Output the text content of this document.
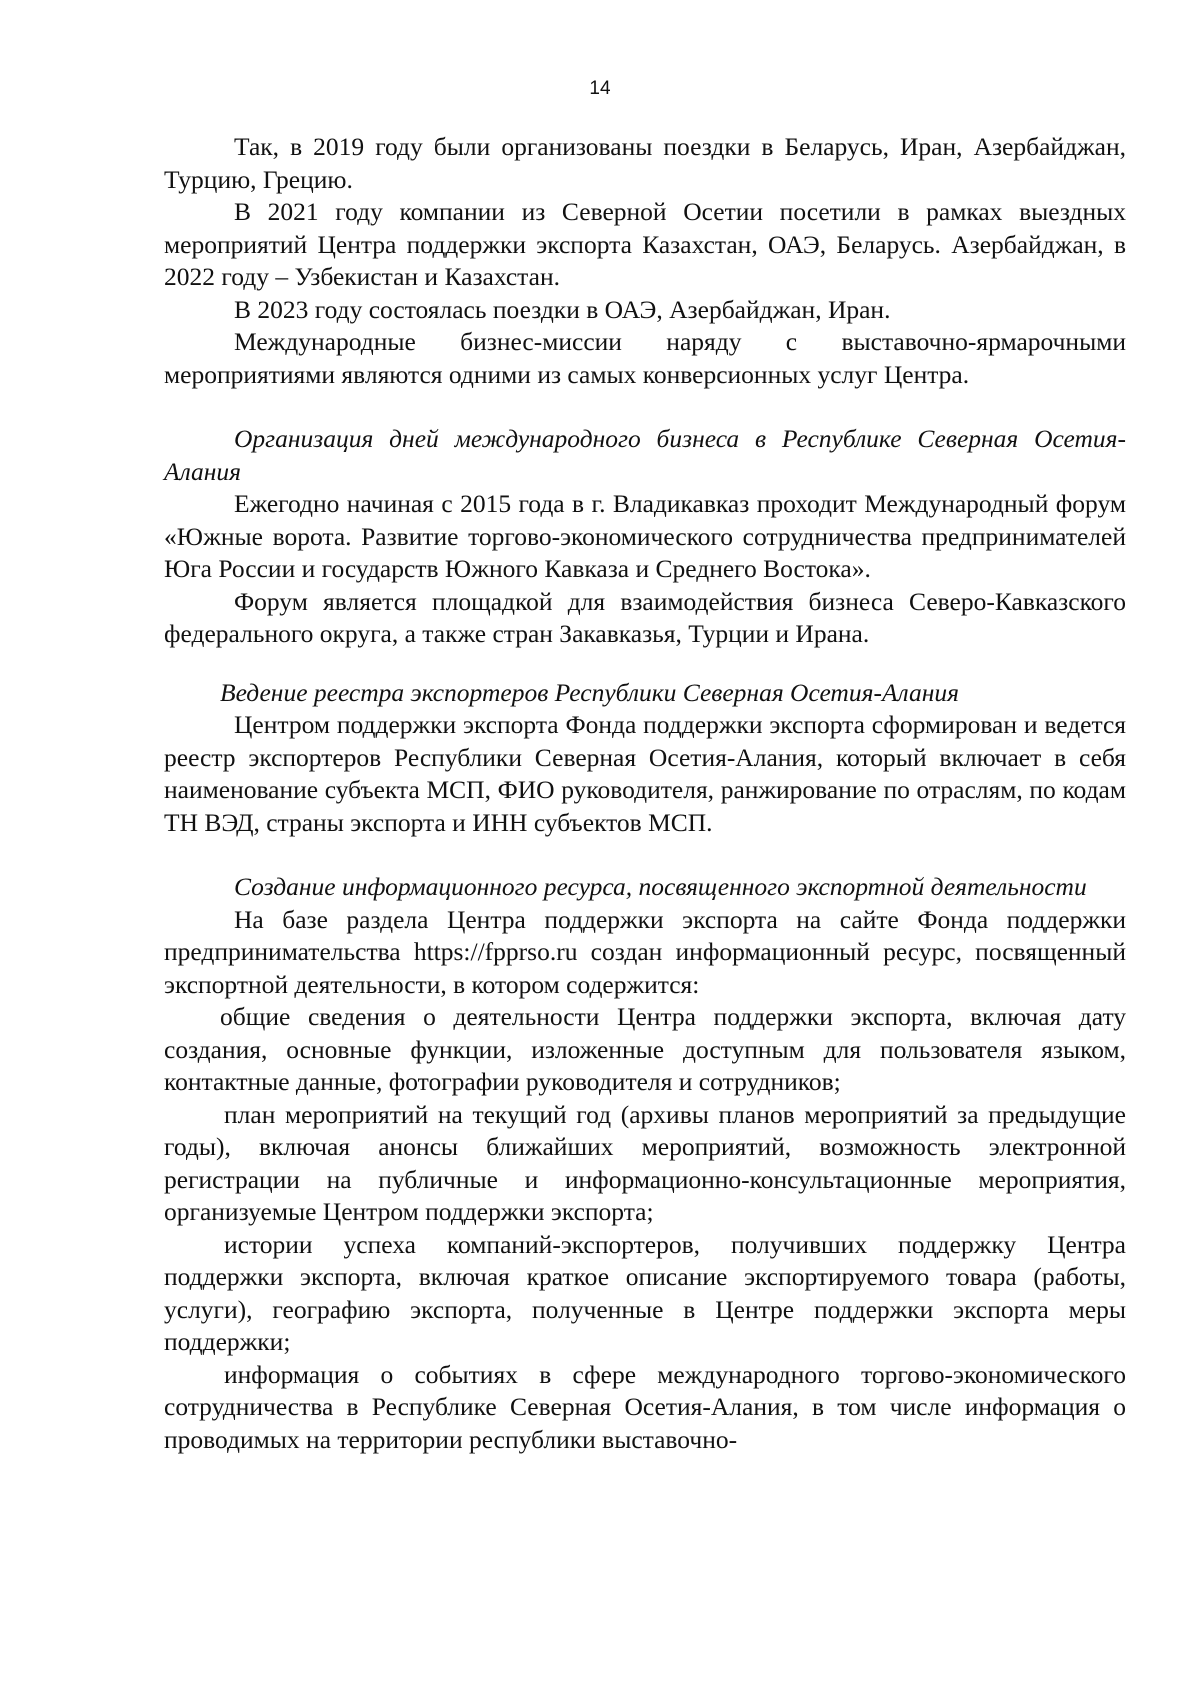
14

Так, в 2019 году были организованы поездки в Беларусь, Иран, Азербайджан, Турцию, Грецию.

В 2021 году компании из Северной Осетии посетили в рамках выездных мероприятий Центра поддержки экспорта Казахстан, ОАЭ, Беларусь. Азербайджан, в 2022 году – Узбекистан и Казахстан.

В 2023 году состоялась поездки в ОАЭ, Азербайджан, Иран.

Международные бизнес-миссии наряду с выставочно-ярмарочными мероприятиями являются одними из самых конверсионных услуг Центра.

Организация дней международного бизнеса в Республике Северная Осетия-Алания

Ежегодно начиная с 2015 года в г. Владикавказ проходит Международный форум «Южные ворота. Развитие торгово-экономического сотрудничества предпринимателей Юга России и государств Южного Кавказа и Среднего Востока».

Форум является площадкой для взаимодействия бизнеса Северо-Кавказского федерального округа, а также стран Закавказья, Турции и Ирана.

Ведение реестра экспортеров Республики Северная Осетия-Алания

Центром поддержки экспорта Фонда поддержки экспорта сформирован и ведется реестр экспортеров Республики Северная Осетия-Алания, который включает в себя наименование субъекта МСП, ФИО руководителя, ранжирование по отраслям, по кодам ТН ВЭД, страны экспорта и ИНН субъектов МСП.

Создание информационного ресурса, посвященного экспортной деятельности

На базе раздела Центра поддержки экспорта на сайте Фонда поддержки предпринимательства https://fpprso.ru создан информационный ресурс, посвященный экспортной деятельности, в котором содержится:

общие сведения о деятельности Центра поддержки экспорта, включая дату создания, основные функции, изложенные доступным для пользователя языком, контактные данные, фотографии руководителя и сотрудников;

план мероприятий на текущий год (архивы планов мероприятий за предыдущие годы), включая анонсы ближайших мероприятий, возможность электронной регистрации на публичные и информационно-консультационные мероприятия, организуемые Центром поддержки экспорта;

истории успеха компаний-экспортеров, получивших поддержку Центра поддержки экспорта, включая краткое описание экспортируемого товара (работы, услуги), географию экспорта, полученные в Центре поддержки экспорта меры поддержки;

информация о событиях в сфере международного торгово-экономического сотрудничества в Республике Северная Осетия-Алания, в том числе информация о проводимых на территории республики выставочно-
